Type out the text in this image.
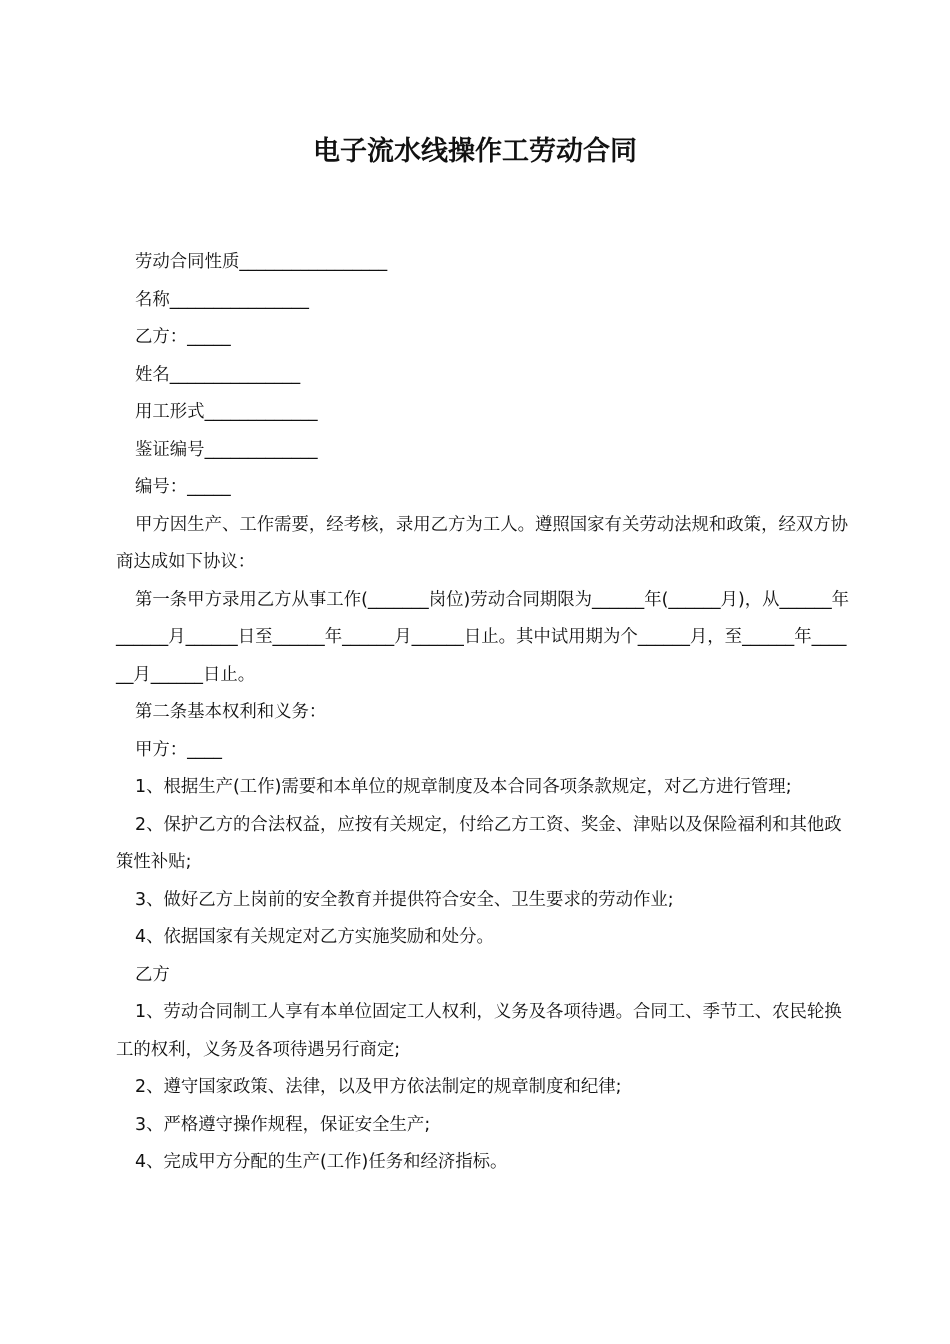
电子流水线操作工劳动合同

劳动合同性质_________________

名称________________

乙方：_____

姓名_______________

用工形式_____________

鉴证编号_____________

编号：_____

甲方因生产、工作需要，经考核，录用乙方为工人。遵照国家有关劳动法规和政策，经双方协商达成如下协议：

第一条甲方录用乙方从事工作(_______岗位)劳动合同期限为______年(______月)，从______年______月______日至______年______月______日止。其中试用期为个______月，至______年______月______日止。

第二条基本权利和义务：

甲方：____

1、根据生产(工作)需要和本单位的规章制度及本合同各项条款规定，对乙方进行管理;

2、保护乙方的合法权益，应按有关规定，付给乙方工资、奖金、津贴以及保险福利和其他政策性补贴;

3、做好乙方上岗前的安全教育并提供符合安全、卫生要求的劳动作业;

4、依据国家有关规定对乙方实施奖励和处分。

乙方

1、劳动合同制工人享有本单位固定工人权利，义务及各项待遇。合同工、季节工、农民轮换工的权利，义务及各项待遇另行商定;

2、遵守国家政策、法律，以及甲方依法制定的规章制度和纪律;

3、严格遵守操作规程，保证安全生产;

4、完成甲方分配的生产(工作)任务和经济指标。
